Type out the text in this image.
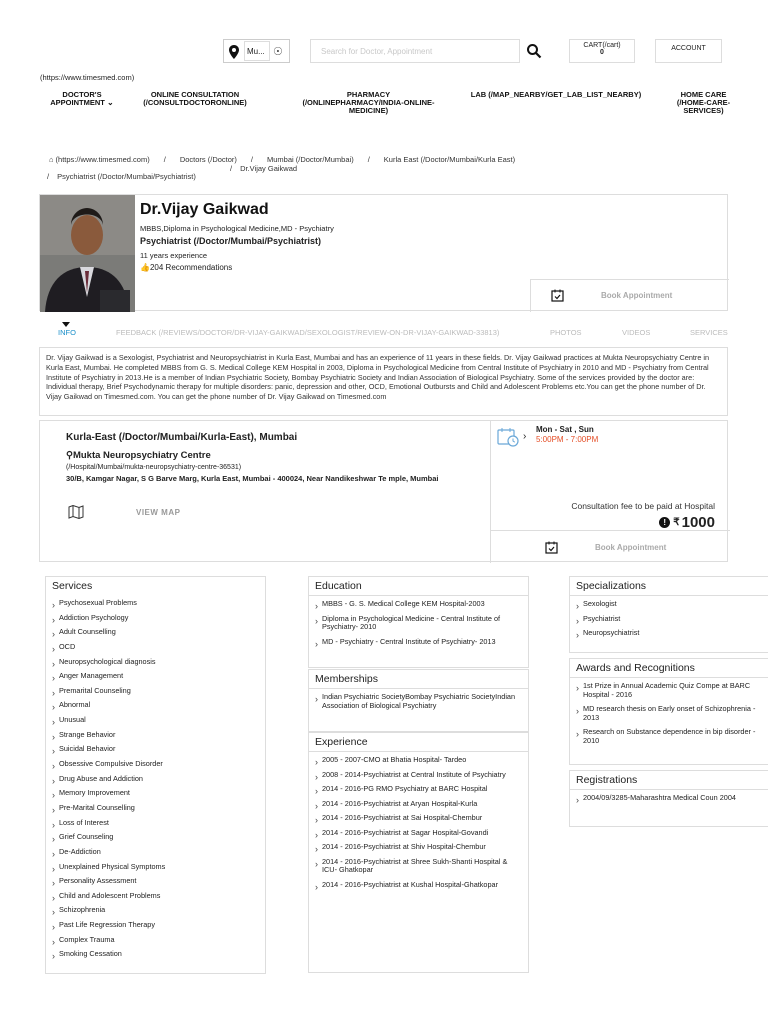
Mu... ☉	Search for Doctor, Appointment
CART(/cart)
0
ACCOUNT
(https://www.timesmed.com)
DOCTOR'S APPOINTMENT ⌄
ONLINE CONSULTATION (/CONSULTDOCTORONLINE)
PHARMACY (/ONLINEPHARMACY/INDIA-ONLINE-MEDICINE)
LAB (/MAP_NEARBY/GET_LAB_LIST_NEARBY)	HOME CARE (/HOME-CARE-SERVICES)
⌂ (https://www.timesmed.com) / Doctors (/Doctor) / Mumbai (/Doctor/Mumbai) / Kurla East (/Doctor/Mumbai/Kurla East)
/ Dr.Vijay Gaikwad
/ Psychiatrist (/Doctor/Mumbai/Psychiatrist)
Dr.Vijay Gaikwad
MBBS,Diploma in Psychological Medicine,MD - Psychiatry
Psychiatrist (/Doctor/Mumbai/Psychiatrist)
11 years experience
👍204 Recommendations
Book Appointment
INFO	FEEDBACK (/REVIEWS/DOCTOR/DR-VIJAY-GAIKWAD/SEXOLOGIST/REVIEW-ON-DR-VIJAY-GAIKWAD-33813)	PHOTOS	VIDEOS	SERVICES
Dr. Vijay Gaikwad is a Sexologist, Psychiatrist and Neuropsychiatrist in Kurla East, Mumbai and has an experience of 11 years in these fields. Dr. Vijay Gaikwad practices at Mukta Neuropsychiatry Centre in Kurla East, Mumbai. He completed MBBS from G. S. Medical College KEM Hospital in 2003, Diploma in Psychological Medicine from Central Institute of Psychiatry in 2010 and MD - Psychiatry from Central Institute of Psychiatry in 2013.He is a member of Indian Psychiatric Society, Bombay Psychiatric Society and Indian Association of Biological Psychiatry. Some of the services provided by the doctor are: Individual therapy, Brief Psychodynamic therapy for multiple disorders: panic, depression and other, OCD, Emotional Outbursts and Child and Adolescent Problems etc.You can get the phone number of Dr. Vijay Gaikwad on Timesmed.com. You can get the phone number of Dr. Vijay Gaikwad on Timesmed.com
Kurla-East (/Doctor/Mumbai/Kurla-East), Mumbai
⚲Mukta Neuropsychiatry Centre
(/Hospital/Mumbai/mukta-neuropsychiatry-centre-36531)
30/B, Kamgar Nagar, S G Barve Marg, Kurla East, Mumbai - 400024, Near Nandikeshwar Te mple, Mumbai
VIEW MAP
›
Mon - Sat , Sun
5:00PM - 7:00PM
Consultation fee to be paid at Hospital
! ₹ 1000
Book Appointment
Services
› Psychosexual Problems
› Addiction Psychology
› Adult Counselling
› OCD
› Neuropsychological diagnosis
› Anger Management
› Premarital Counseling
› Abnormal
› Unusual
› Strange Behavior
› Suicidal Behavior
› Obsessive Compulsive Disorder
› Drug Abuse and Addiction
› Memory Improvement
› Pre-Marital Counselling
› Loss of Interest
› Grief Counseling
› De-Addiction
› Unexplained Physical Symptoms
› Personality Assessment
› Child and Adolescent Problems
› Schizophrenia
› Past Life Regression Therapy
› Complex Trauma
› Smoking Cessation
Education
› MBBS - G. S. Medical College KEM Hospital-2003
› Diploma in Psychological Medicine - Central Institute of Psychiatry- 2010
› MD - Psychiatry - Central Institute of Psychiatry- 2013
Memberships
› Indian Psychiatric SocietyBombay Psychiatric SocietyIndian Association of Biological Psychiatry
Experience
› 2005 - 2007-CMO at Bhatia Hospital- Tardeo
› 2008 - 2014-Psychiatrist at Central Institute of Psychiatry
› 2014 - 2016-PG RMO Psychiatry at BARC Hospital
› 2014 - 2016-Psychiatrist at Aryan Hospital-Kurla
› 2014 - 2016-Psychiatrist at Sai Hospital-Chembur
› 2014 - 2016-Psychiatrist at Sagar Hospital-Govandi
› 2014 - 2016-Psychiatrist at Shiv Hospital-Chembur
› 2014 - 2016-Psychiatrist at Shree Sukh-Shanti Hospital & ICU- Ghatkopar
› 2014 - 2016-Psychiatrist at Kushal Hospital-Ghatkopar
Specializations
› Sexologist
› Psychiatrist
› Neuropsychiatrist
Awards and Recognitions
› 1st Prize in Annual Academic Quiz Compe at BARC Hospital - 2016
› MD research thesis on Early onset of Schizophrenia - 2013
› Research on Substance dependence in bip disorder - 2010
Registrations
› 2004/09/3285-Maharashtra Medical Coun 2004
